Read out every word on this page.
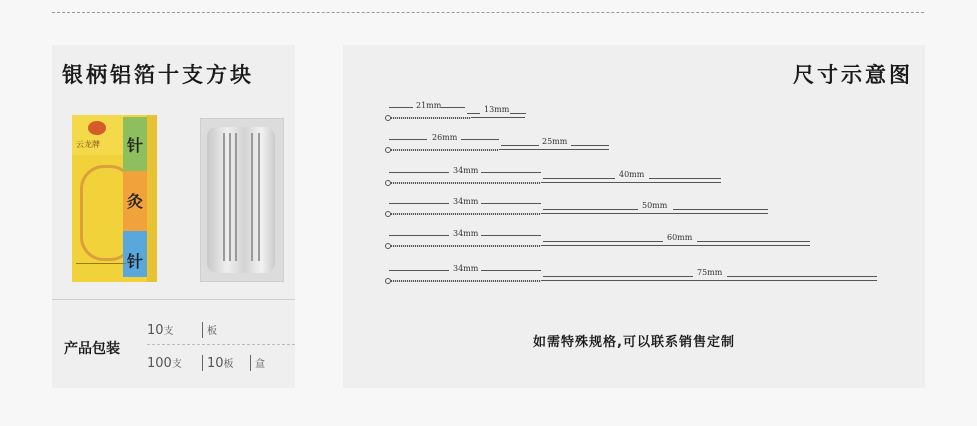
银柄铝箔十支方块
云龙牌 针
灸
针
产品包装
10支	板
100支 10板 盒
尺寸示意图
21mm	13mm
26mm	25mm
34mm	40mm
34mm	50mm
34mm	60mm
34mm	75mm
如需特殊规格,可以联系销售定制
